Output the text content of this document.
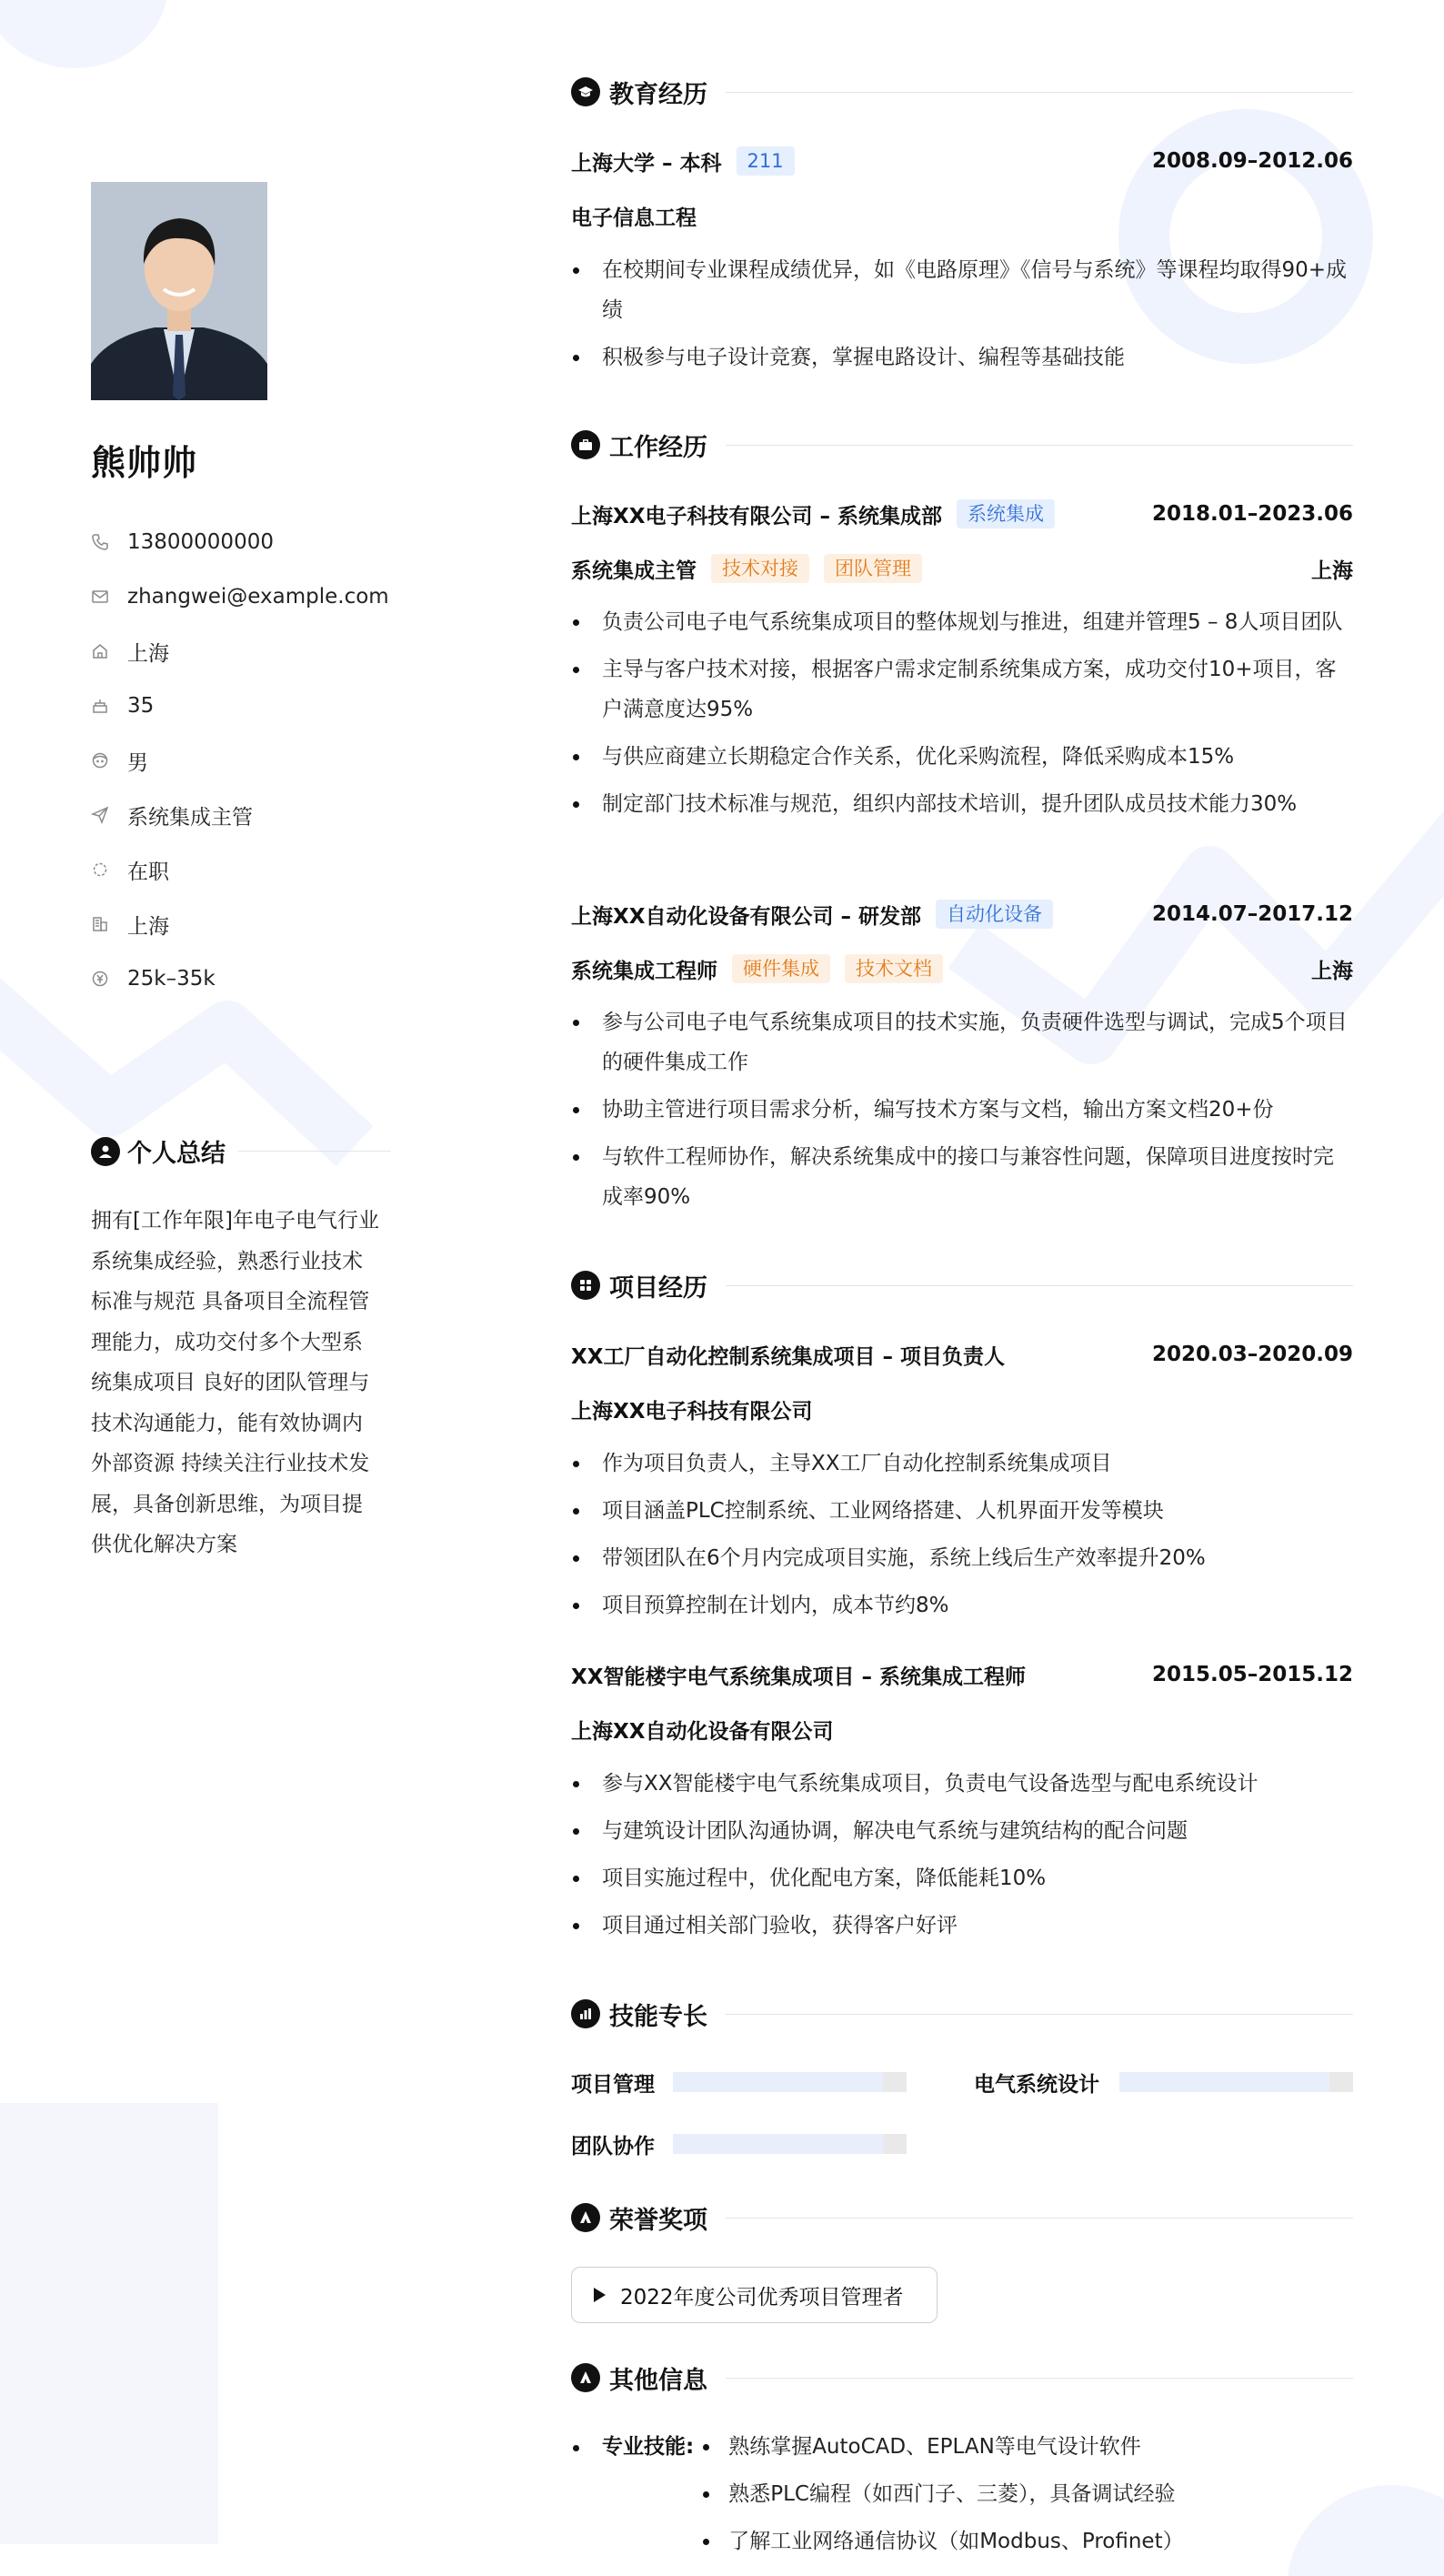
熊帅帅
13800000000
zhangwei@example.com
上海
35
男
系统集成主管
在职
上海
25k–35k
个人总结
拥有[工作年限]年电子电气行业
系统集成经验，熟悉行业技术
标准与规范 具备项目全流程管
理能力，成功交付多个大型系
统集成项目 良好的团队管理与
技术沟通能力，能有效协调内
外部资源 持续关注行业技术发
展，具备创新思维，为项目提
供优化解决方案
教育经历
上海大学 – 本科	211	2008.09–2012.06
电子信息工程
在校期间专业课程成绩优异，如《电路原理》《信号与系统》等课程均取得90+成绩
积极参与电子设计竞赛，掌握电路设计、编程等基础技能
工作经历
上海XX电子科技有限公司 – 系统集成部	系统集成	2018.01–2023.06
系统集成主管	技术对接	团队管理	上海
负责公司电子电气系统集成项目的整体规划与推进，组建并管理5 – 8人项目团队
主导与客户技术对接，根据客户需求定制系统集成方案，成功交付10+项目，客户满意度达95%
与供应商建立长期稳定合作关系，优化采购流程，降低采购成本15%
制定部门技术标准与规范，组织内部技术培训，提升团队成员技术能力30%
上海XX自动化设备有限公司 – 研发部	自动化设备	2014.07–2017.12
系统集成工程师	硬件集成	技术文档	上海
参与公司电子电气系统集成项目的技术实施，负责硬件选型与调试，完成5个项目的硬件集成工作
协助主管进行项目需求分析，编写技术方案与文档，输出方案文档20+份
与软件工程师协作，解决系统集成中的接口与兼容性问题，保障项目进度按时完成率90%
项目经历
XX工厂自动化控制系统集成项目 – 项目负责人	2020.03–2020.09
上海XX电子科技有限公司
作为项目负责人，主导XX工厂自动化控制系统集成项目
项目涵盖PLC控制系统、工业网络搭建、人机界面开发等模块
带领团队在6个月内完成项目实施，系统上线后生产效率提升20%
项目预算控制在计划内，成本节约8%
XX智能楼宇电气系统集成项目 – 系统集成工程师	2015.05–2015.12
上海XX自动化设备有限公司
参与XX智能楼宇电气系统集成项目，负责电气设备选型与配电系统设计
与建筑设计团队沟通协调，解决电气系统与建筑结构的配合问题
项目实施过程中，优化配电方案，降低能耗10%
项目通过相关部门验收，获得客户好评
技能专长
项目管理	电气系统设计
团队协作
荣誉奖项
2022年度公司优秀项目管理者
其他信息
专业技能:	熟练掌握AutoCAD、EPLAN等电气设计软件
熟悉PLC编程（如西门子、三菱），具备调试经验
了解工业网络通信协议（如Modbus、Profinet）
